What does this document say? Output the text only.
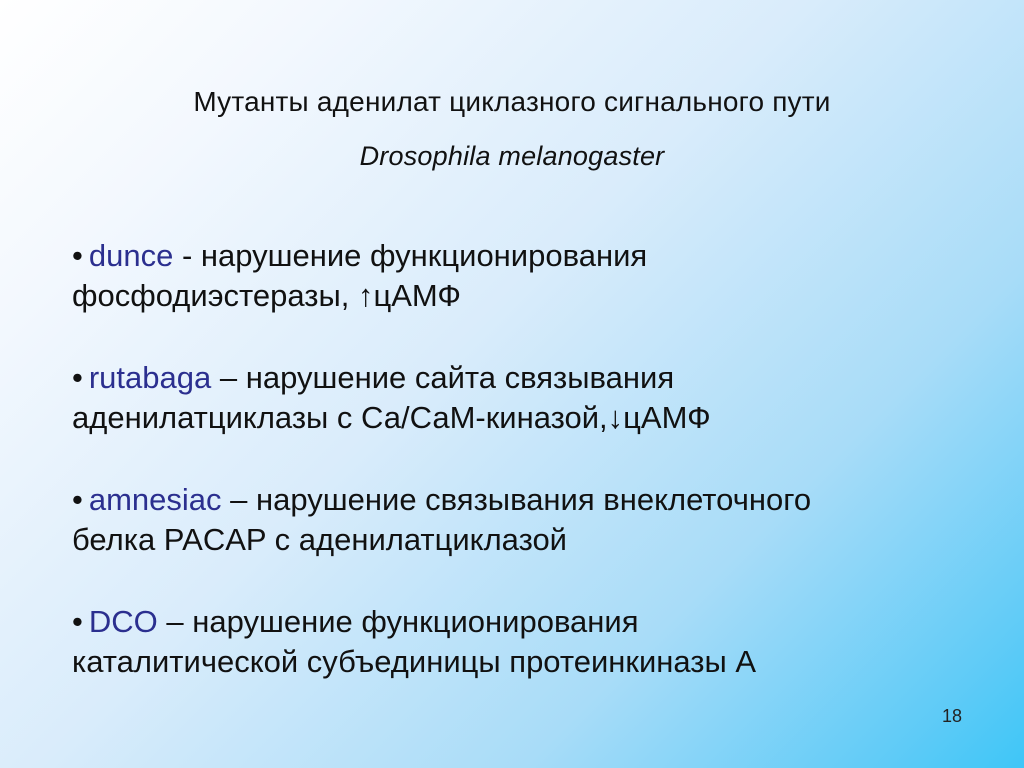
Мутанты аденилат циклазного сигнального пути
Drosophila melanogaster
• dunce - нарушение функционирования
фосфодиэстеразы, ↑цАМФ
• rutabaga – нарушение сайта связывания
аденилатциклазы с Са/СаМ-киназой,↓цАМФ
• amnesiac – нарушение связывания внеклеточного
белка PACAP с аденилатциклазой
• DCO – нарушение функционирования
каталитической субъединицы протеинкиназы А
18
